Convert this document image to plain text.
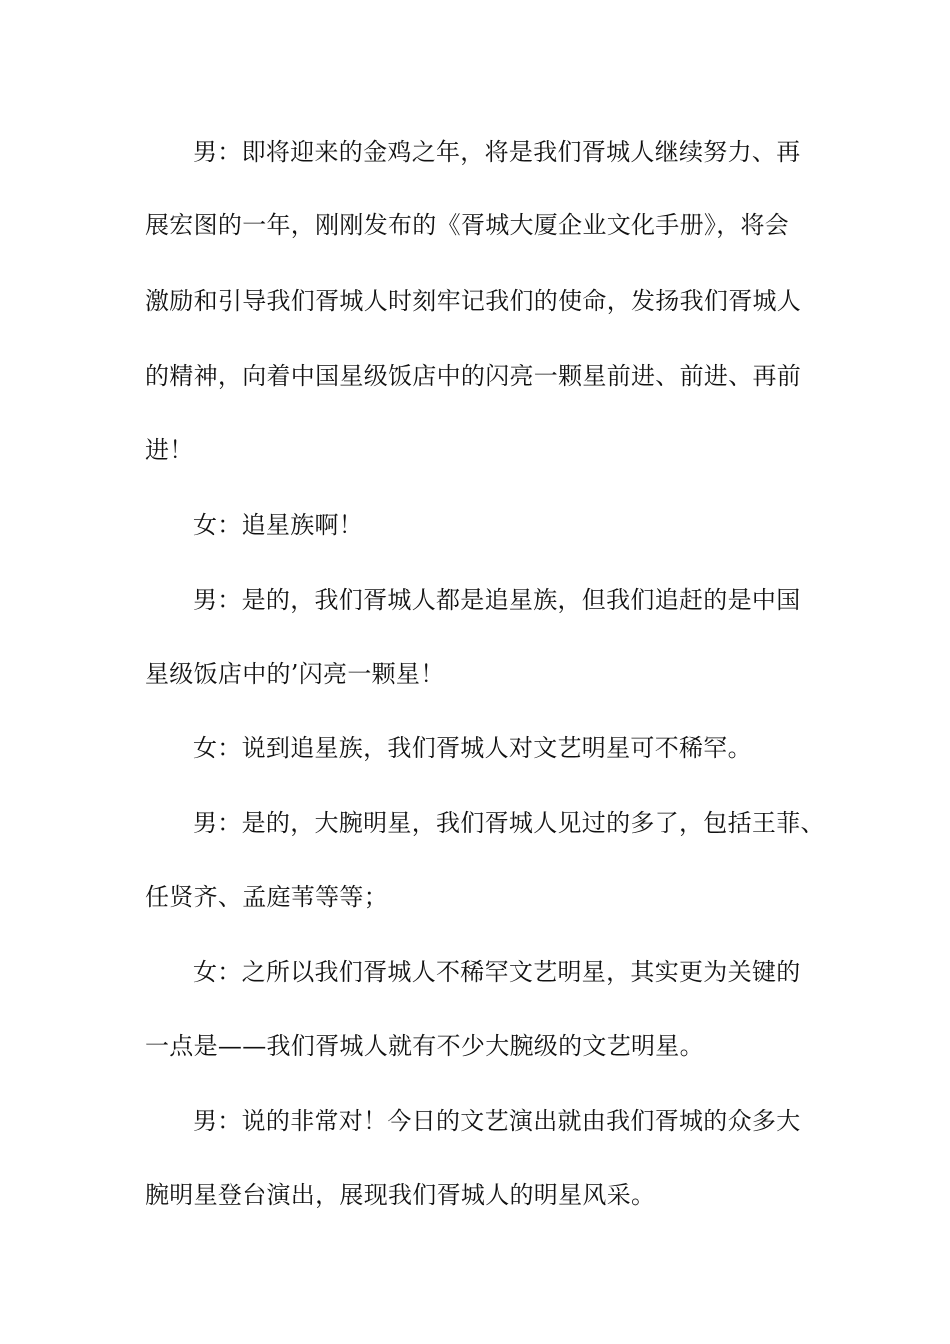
男：即将迎来的金鸡之年，将是我们胥城人继续努力、再
展宏图的一年，刚刚发布的《胥城大厦企业文化手册》，将会
激励和引导我们胥城人时刻牢记我们的使命，发扬我们胥城人
的精神，向着中国星级饭店中的闪亮一颗星前进、前进、再前
进！
女：追星族啊！
男：是的，我们胥城人都是追星族，但我们追赶的是中国
星级饭店中的’闪亮一颗星！
女：说到追星族，我们胥城人对文艺明星可不稀罕。
男：是的，大腕明星，我们胥城人见过的多了，包括王菲、
任贤齐、孟庭苇等等；
女：之所以我们胥城人不稀罕文艺明星，其实更为关键的
一点是——我们胥城人就有不少大腕级的文艺明星。
男：说的非常对！今日的文艺演出就由我们胥城的众多大
腕明星登台演出，展现我们胥城人的明星风采。
